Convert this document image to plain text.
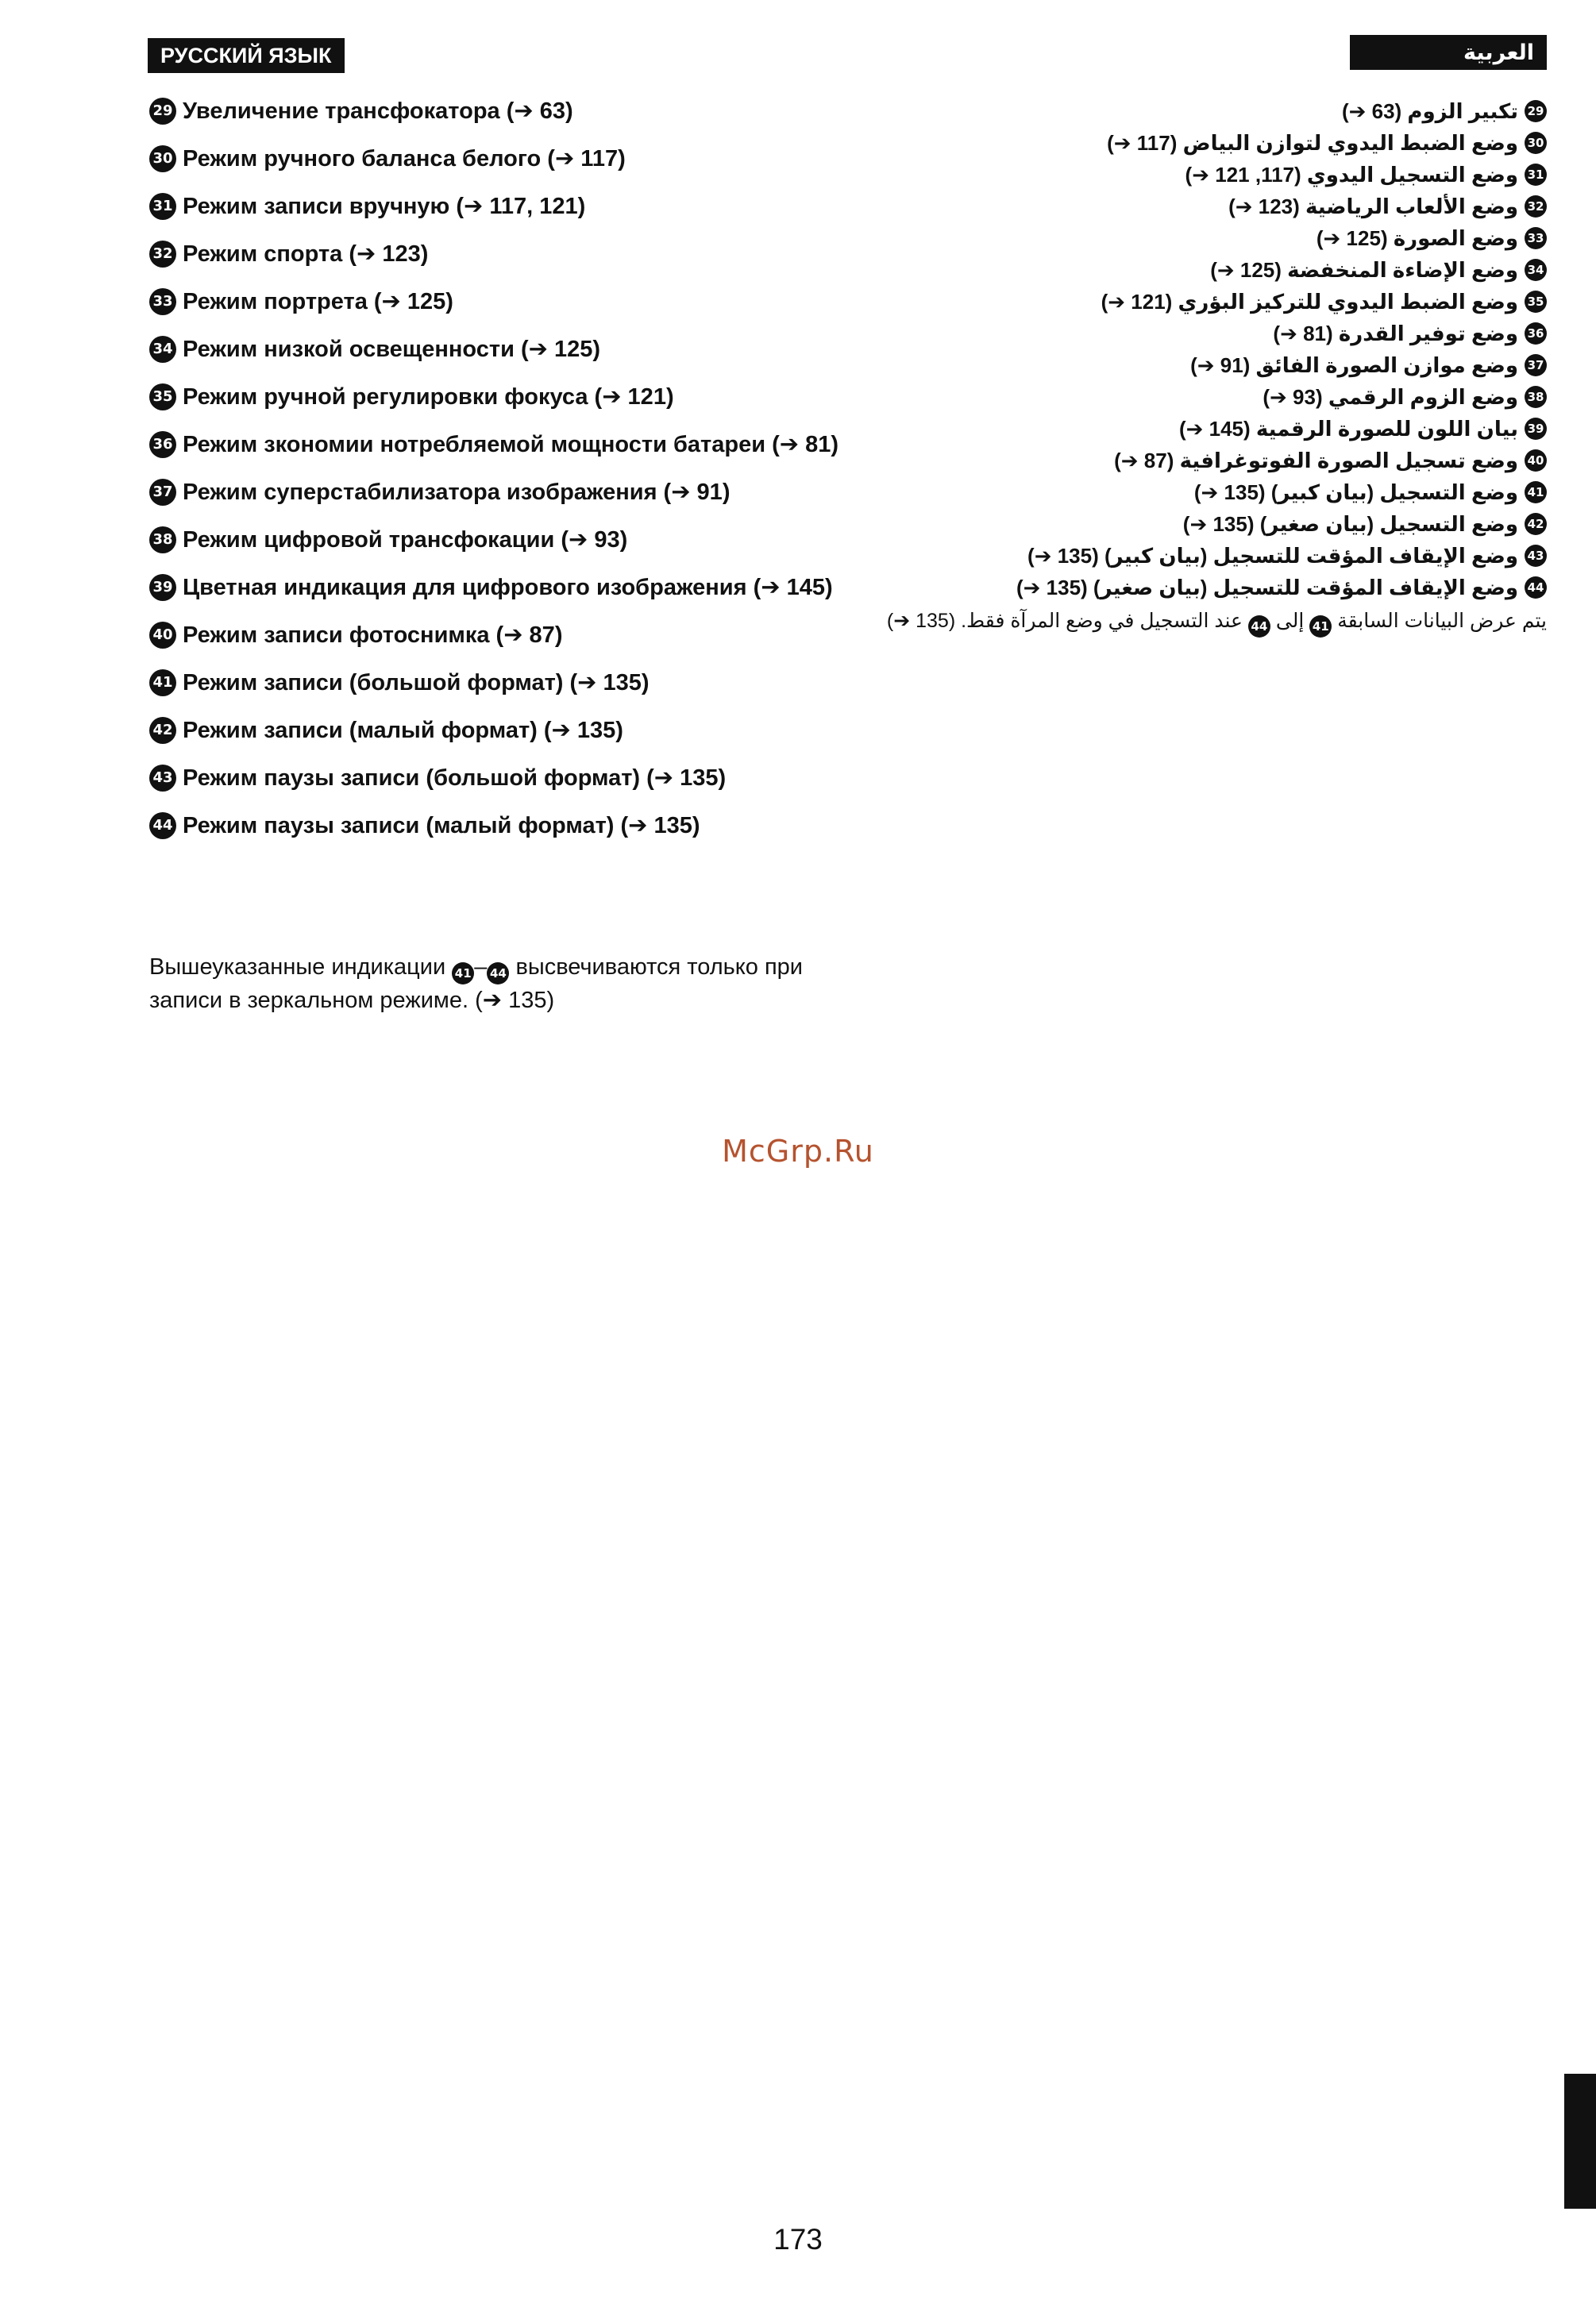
РУССКИЙ ЯЗЫК	العربية
29 Увеличение трансфокатора (➔ 63)
30 Режим ручного баланса белого (➔ 117)
31 Режим записи вручную (➔ 117, 121)
32 Режим спорта (➔ 123)
33 Режим портрета (➔ 125)
34 Режим низкой освещенности (➔ 125)
35 Режим ручной регулировки фокуса (➔ 121)
36 Режим зкономии нотребляемой мощности батареи (➔ 81)
37 Режим суперстабилизатора изображения (➔ 91)
38 Режим цифровой трансфокации (➔ 93)
39 Цветная индикация для цифрового изображения (➔ 145)
40 Режим записи фотоснимка (➔ 87)
41 Режим записи (большой формат) (➔ 135)
42 Режим записи (малый формат) (➔ 135)
43 Режим паузы записи (большой формат) (➔ 135)
44 Режим паузы записи (малый формат) (➔ 135)
Вышеуказанные индикации 41 – 44 высвечиваются только при записи в зеркальном режиме. (➔ 135)
29تكبير الزوم (63 ➔)
30وضع الضبط اليدوي لتوازن البياض (117 ➔)
31وضع التسجيل اليدوي (117, 121 ➔)
32وضع الألعاب الرياضية (123 ➔)
33وضع الصورة (125 ➔)
34وضع الإضاءة المنخفضة (125 ➔)
35وضع الضبط اليدوي للتركيز البؤري (121 ➔)
36وضع توفير القدرة (81 ➔)
37وضع موازن الصورة الفائق (91 ➔)
38وضع الزوم الرقمي (93 ➔)
39بيان اللون للصورة الرقمية (145 ➔)
40وضع تسجيل الصورة الفوتوغرافية (87 ➔)
41وضع التسجيل (بيان كبير) (135 ➔)
42وضع التسجيل (بيان صغير) (135 ➔)
43وضع الإيقاف المؤقت للتسجيل (بيان كبير) (135 ➔)
44وضع الإيقاف المؤقت للتسجيل (بيان صغير) (135 ➔)
يتم عرض البيانات السابقة 41 إلى 44 عند التسجيل في وضع المرآة فقط. (135 ➔)
McGrp.Ru
173
